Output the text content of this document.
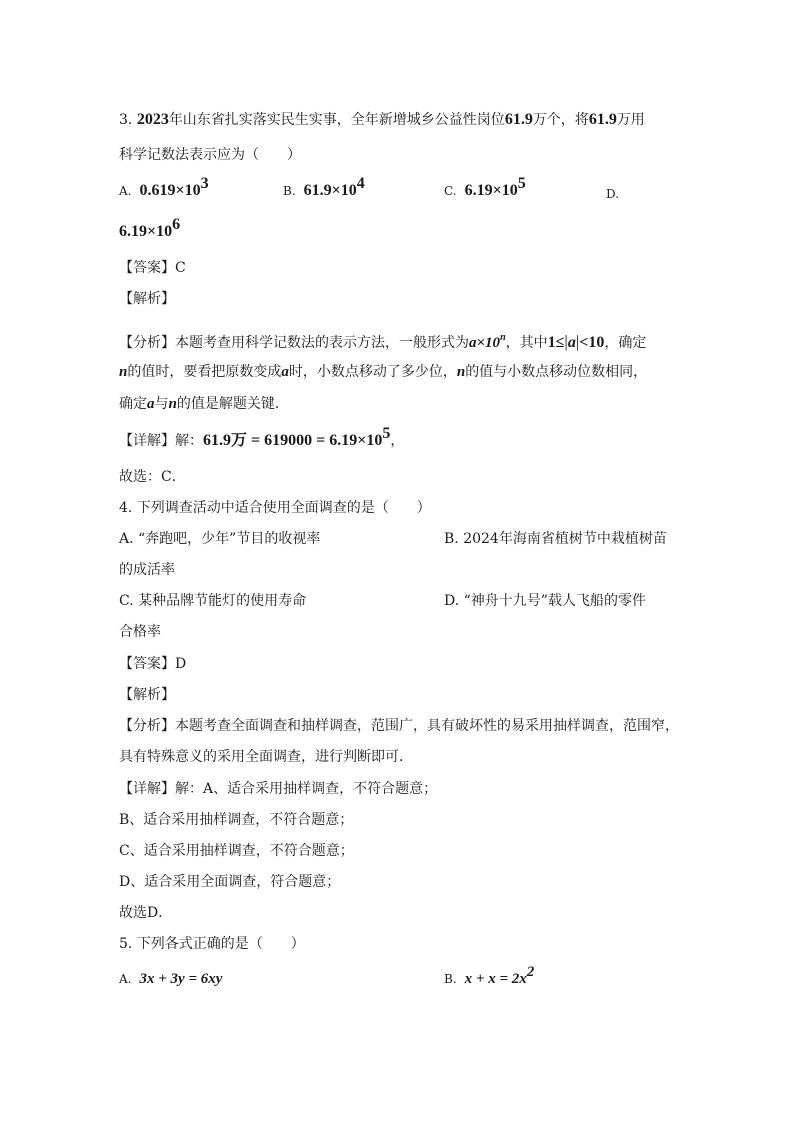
3. 2023年山东省扎实落实民生实事，全年新增城乡公益性岗位61.9万个，将61.9万用
科学记数法表示应为（　　）
A. $0.619\times 10^3$	B. $61.9\times 10^4$	C. $6.19\times 10^5$
D.
$6.19\times 10^6$
【答案】C
【解析】
【分析】本题考查用科学记数法的表示方法，一般形式为$a\times 10^n$，其中1≤|a|<10，确定
n的值时，要看把原数变成a时，小数点移动了多少位，n的值与小数点移动位数相同，
确定a与n的值是解题关键．
【详解】解：61.9万 = $619000 = 6.19\times 10^5$，
故选：C．
4. 下列调查活动中适合使用全面调查的是（　　）
A. “奔跑吧，少年”节目的收视率	B. 2024年海南省植树节中栽植树苗
的成活率
C. 某种品牌节能灯的使用寿命	D. “神舟十九号”载人飞船的零件
合格率
【答案】D
【解析】
【分析】本题考查全面调查和抽样调查，范围广，具有破坏性的易采用抽样调查，范围窄，
具有特殊意义的采用全面调查，进行判断即可．
【详解】解：A、适合采用抽样调查，不符合题意；
B、适合采用抽样调查，不符合题意；
C、适合采用抽样调查，不符合题意；
D、适合采用全面调查，符合题意；
故选D．
5. 下列各式正确的是（　　）
A. 3x + 3y = 6xy	B. $x + x = 2x^2$
